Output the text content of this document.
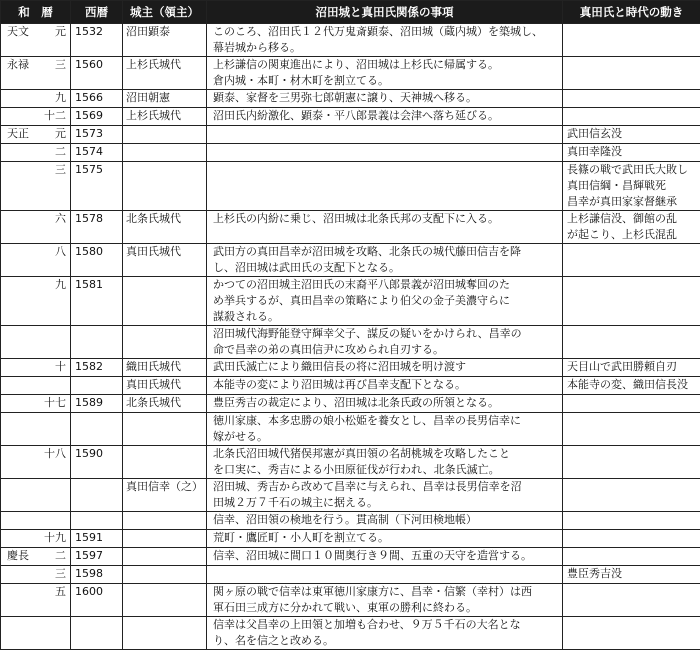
和　暦		西暦	城主（領主）	沼田城と真田氏関係の事項	真田氏と時代の動き
天文	元	1532	沼田顕泰	このころ、沼田氏１２代万鬼斎顕泰、沼田城（蔵内城）を築城し、
幕岩城から移る。	

永禄	三	1560	上杉氏城代	上杉謙信の関東進出により、沼田城は上杉氏に帰属する。
倉内城・本町・材木町を割立てる。	

	九	1566	沼田朝憲	顕泰、家督を三男弥七郎朝憲に譲り、天神城へ移る。	

	十二	1569	上杉氏城代	沼田氏内紛激化、顕泰・平八郎景義は会津へ落ち延びる。	

天正	元	1573			武田信玄没

	二	1574			真田幸隆没

	三	1575			長篠の戦で武田氏大敗し
真田信綱・昌輝戦死
昌幸が真田家家督継承

	六	1578	北条氏城代	上杉氏の内紛に乗じ、沼田城は北条氏邦の支配下に入る。	上杉謙信没、御館の乱
が起こり、上杉氏混乱

	八	1580	真田氏城代	武田方の真田昌幸が沼田城を攻略、北条氏の城代藤田信吉を降
し、沼田城は武田氏の支配下となる。	

	九	1581		かつての沼田城主沼田氏の末裔平八郎景義が沼田城奪回のた
め挙兵するが、真田昌幸の策略により伯父の金子美濃守らに
謀殺される。	

				沼田城代海野能登守輝幸父子、謀反の疑いをかけられ、昌幸の
命で昌幸の弟の真田信尹に攻められ自刃する。	

	十	1582	織田氏城代	武田氏滅亡により織田信長の将に沼田城を明け渡す	天目山で武田勝頼自刃

			真田氏城代	本能寺の変により沼田城は再び昌幸支配下となる。	本能寺の変、織田信長没

	十七	1589	北条氏城代	豊臣秀吉の裁定により、沼田城は北条氏政の所領となる。	

				徳川家康、本多忠勝の娘小松姫を養女とし、昌幸の長男信幸に
嫁がせる。	

	十八	1590		北条氏沼田城代猪俣邦憲が真田領の名胡桃城を攻略したこと
を口実に、秀吉による小田原征伐が行われ、北条氏滅亡。	

			真田信幸（之）	沼田城、秀吉から改めて昌幸に与えられ、昌幸は長男信幸を沼
田城２万７千石の城主に据える。	

				信幸、沼田領の検地を行う。貫高制（下河田検地帳）	

	十九	1591		荒町・鷹匠町・小人町を割立てる。	

慶長	二	1597		信幸、沼田城に間口１０間奥行き９間、五重の天守を造営する。	

	三	1598			豊臣秀吉没

	五	1600		関ヶ原の戦で信幸は東軍徳川家康方に、昌幸・信繁（幸村）は西
軍石田三成方に分かれて戦い、東軍の勝利に終わる。	

				信幸は父昌幸の上田領と加増も合わせ、９万５千石の大名とな
り、名を信之と改める。	
